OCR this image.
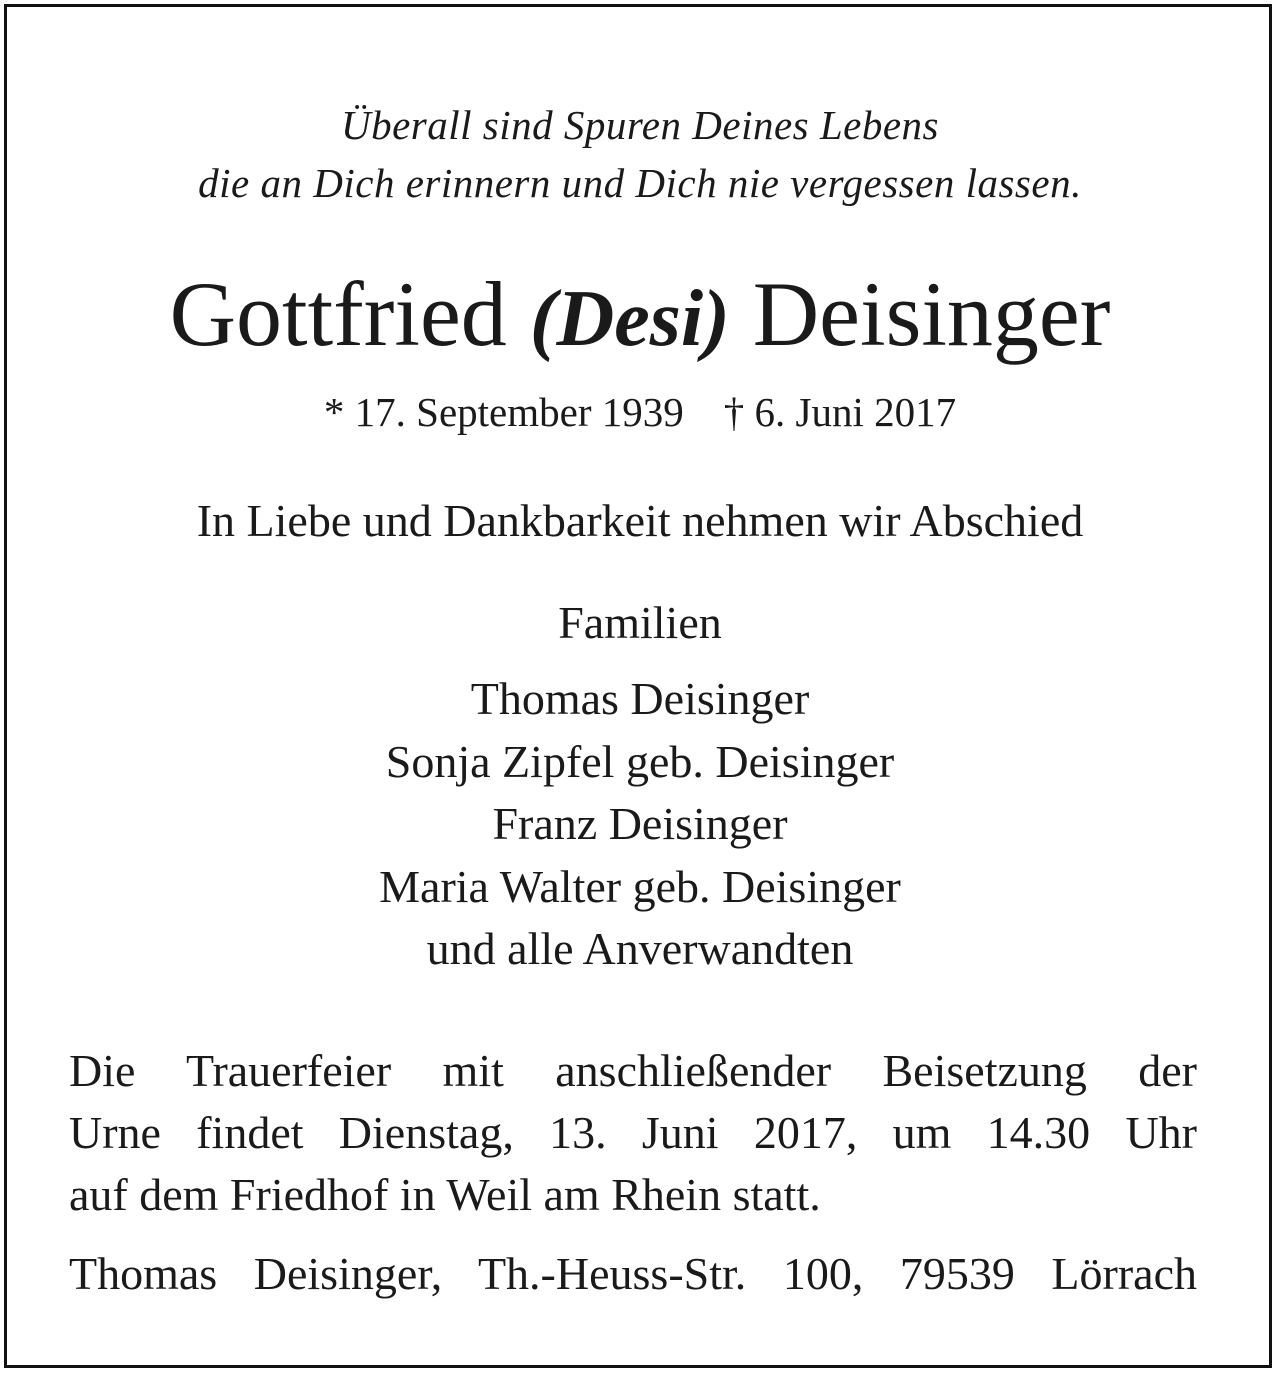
Überall sind Spuren Deines Lebens
die an Dich erinnern und Dich nie vergessen lassen.
Gottfried (Desi) Deisinger
* 17. September 1939 † 6. Juni 2017
In Liebe und Dankbarkeit nehmen wir Abschied
Familien
Thomas Deisinger
Sonja Zipfel geb. Deisinger
Franz Deisinger
Maria Walter geb. Deisinger
und alle Anverwandten
Die Trauerfeier mit anschließender Beisetzung der
Urne findet Dienstag, 13. Juni 2017, um 14.30 Uhr
auf dem Friedhof in Weil am Rhein statt.
Thomas Deisinger, Th.-Heuss-Str. 100, 79539 Lörrach
